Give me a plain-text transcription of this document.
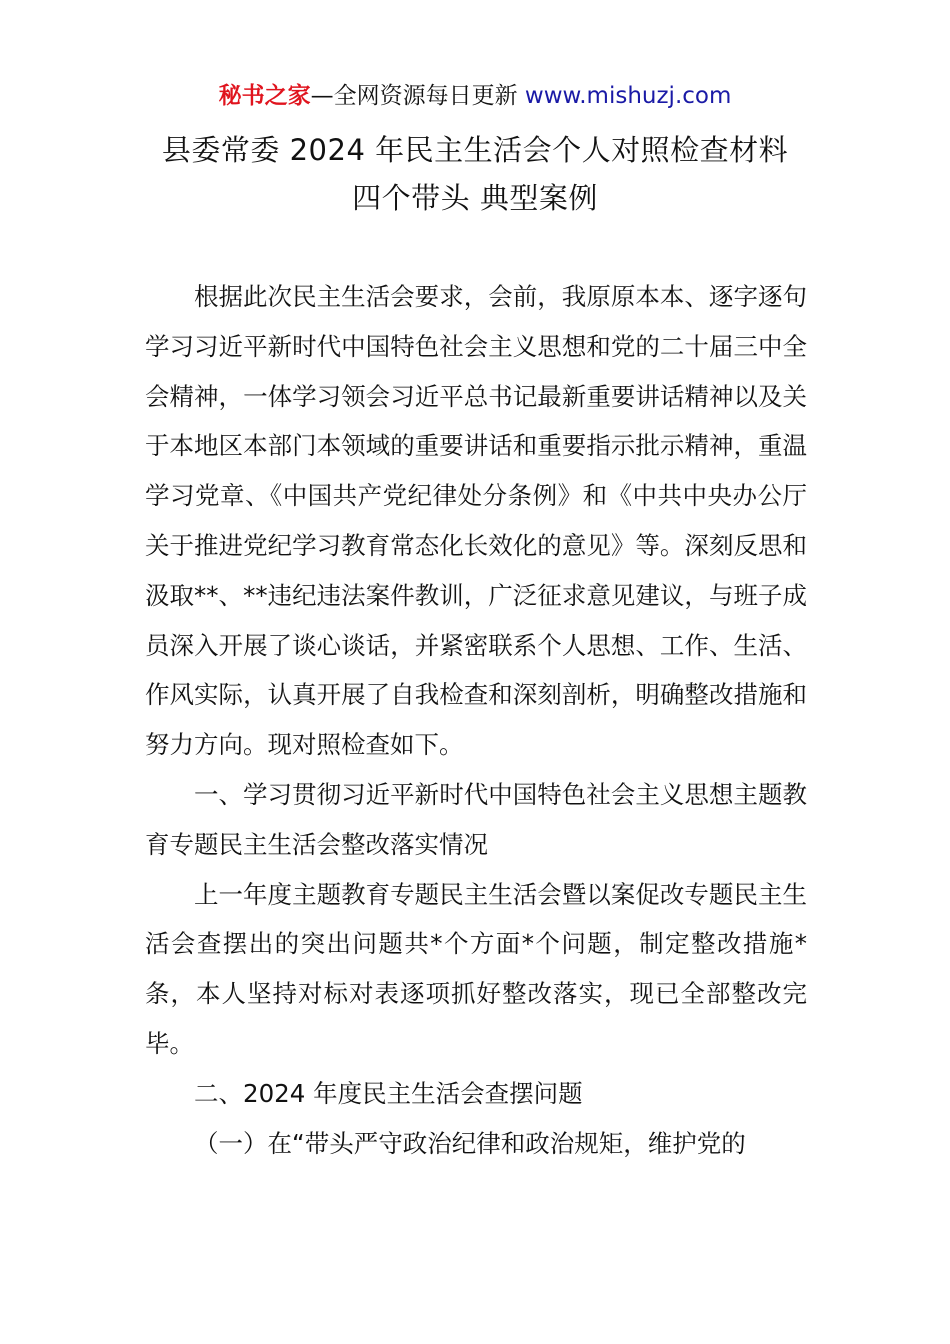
秘书之家—全网资源每日更新 www.mishuzj.com
县委常委 2024 年民主生活会个人对照检查材料
四个带头 典型案例

根据此次民主生活会要求，会前，我原原本本、逐字逐句学习习近平新时代中国特色社会主义思想和党的二十届三中全会精神，一体学习领会习近平总书记最新重要讲话精神以及关于本地区本部门本领域的重要讲话和重要指示批示精神，重温学习党章、《中国共产党纪律处分条例》和《中共中央办公厅关于推进党纪学习教育常态化长效化的意见》等。深刻反思和汲取**、**违纪违法案件教训，广泛征求意见建议，与班子成员深入开展了谈心谈话，并紧密联系个人思想、工作、生活、作风实际，认真开展了自我检查和深刻剖析，明确整改措施和努力方向。现对照检查如下。

一、学习贯彻习近平新时代中国特色社会主义思想主题教育专题民主生活会整改落实情况

上一年度主题教育专题民主生活会暨以案促改专题民主生活会查摆出的突出问题共*个方面*个问题，制定整改措施*条，本人坚持对标对表逐项抓好整改落实，现已全部整改完毕。

二、2024 年度民主生活会查摆问题

（一）在“带头严守政治纪律和政治规矩，维护党的
